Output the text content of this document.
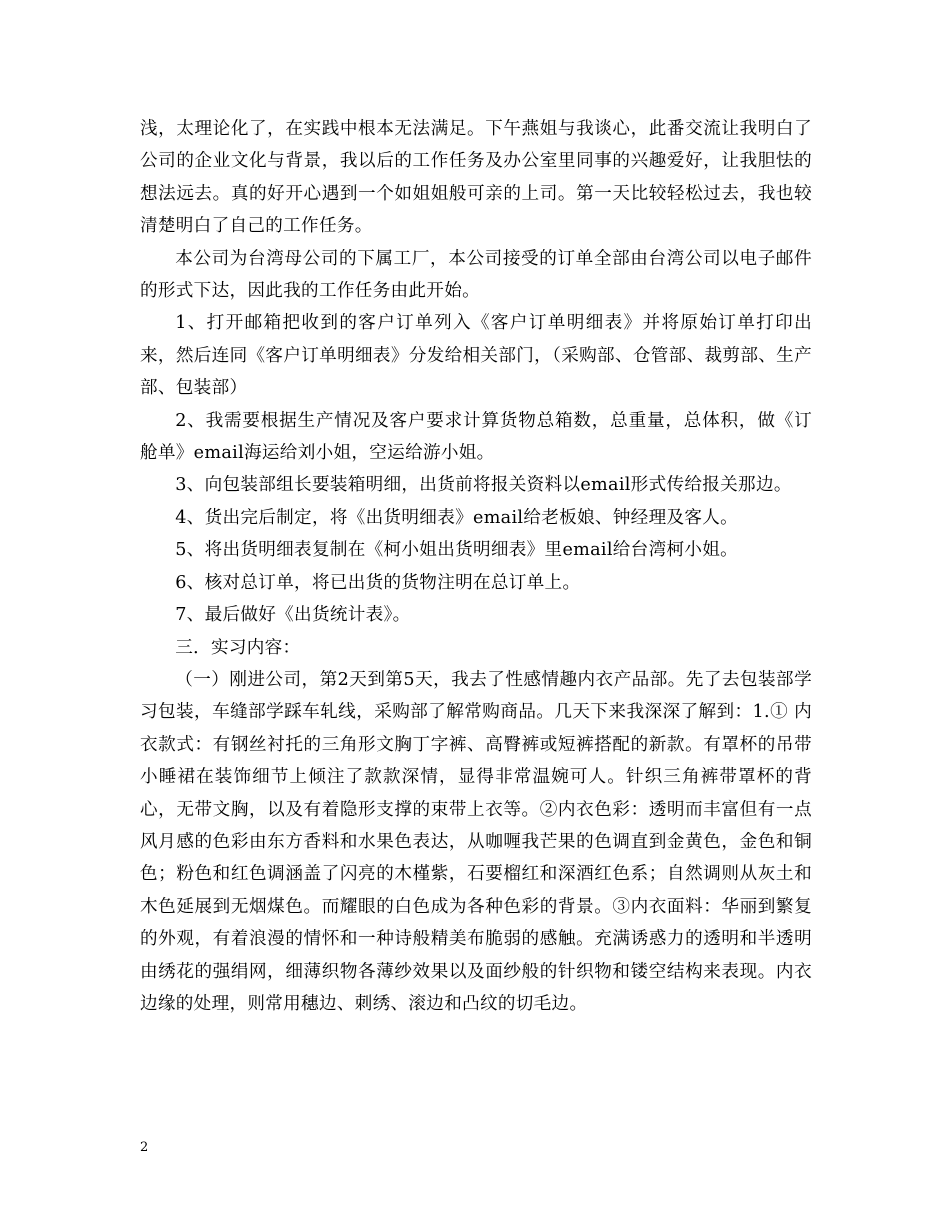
浅，太理论化了，在实践中根本无法满足。下午燕姐与我谈心，此番交流让我明白了公司的企业文化与背景，我以后的工作任务及办公室里同事的兴趣爱好，让我胆怯的想法远去。真的好开心遇到一个如姐姐般可亲的上司。第一天比较轻松过去，我也较清楚明白了自己的工作任务。

本公司为台湾母公司的下属工厂，本公司接受的订单全部由台湾公司以电子邮件的形式下达，因此我的工作任务由此开始。

1、打开邮箱把收到的客户订单列入《客户订单明细表》并将原始订单打印出来，然后连同《客户订单明细表》分发给相关部门，（采购部、仓管部、裁剪部、生产部、包装部）

2、我需要根据生产情况及客户要求计算货物总箱数，总重量，总体积，做《订舱单》email海运给刘小姐，空运给游小姐。

3、向包装部组长要装箱明细，出货前将报关资料以email形式传给报关那边。

4、货出完后制定，将《出货明细表》email给老板娘、钟经理及客人。

5、将出货明细表复制在《柯小姐出货明细表》里email给台湾柯小姐。

6、核对总订单，将已出货的货物注明在总订单上。

7、最后做好《出货统计表》。

三．实习内容：

（一）刚进公司，第2天到第5天，我去了性感情趣内衣产品部。先了去包装部学习包装，车缝部学踩车轧线，采购部了解常购商品。几天下来我深深了解到：1.① 内衣款式：有钢丝衬托的三角形文胸丁字裤、高臀裤或短裤搭配的新款。有罩杯的吊带小睡裙在装饰细节上倾注了款款深情，显得非常温婉可人。针织三角裤带罩杯的背心，无带文胸，以及有着隐形支撑的束带上衣等。②内衣色彩：透明而丰富但有一点风月感的色彩由东方香料和水果色表达，从咖喱我芒果的色调直到金黄色，金色和铜色；粉色和红色调涵盖了闪亮的木槿紫，石要榴红和深酒红色系；自然调则从灰土和木色延展到无烟煤色。而耀眼的白色成为各种色彩的背景。③内衣面料：华丽到繁复的外观，有着浪漫的情怀和一种诗般精美布脆弱的感触。充满诱惑力的透明和半透明由绣花的强绢网，细薄织物各薄纱效果以及面纱般的针织物和镂空结构来表现。内衣边缘的处理，则常用穗边、刺绣、滚边和凸纹的切毛边。

2
